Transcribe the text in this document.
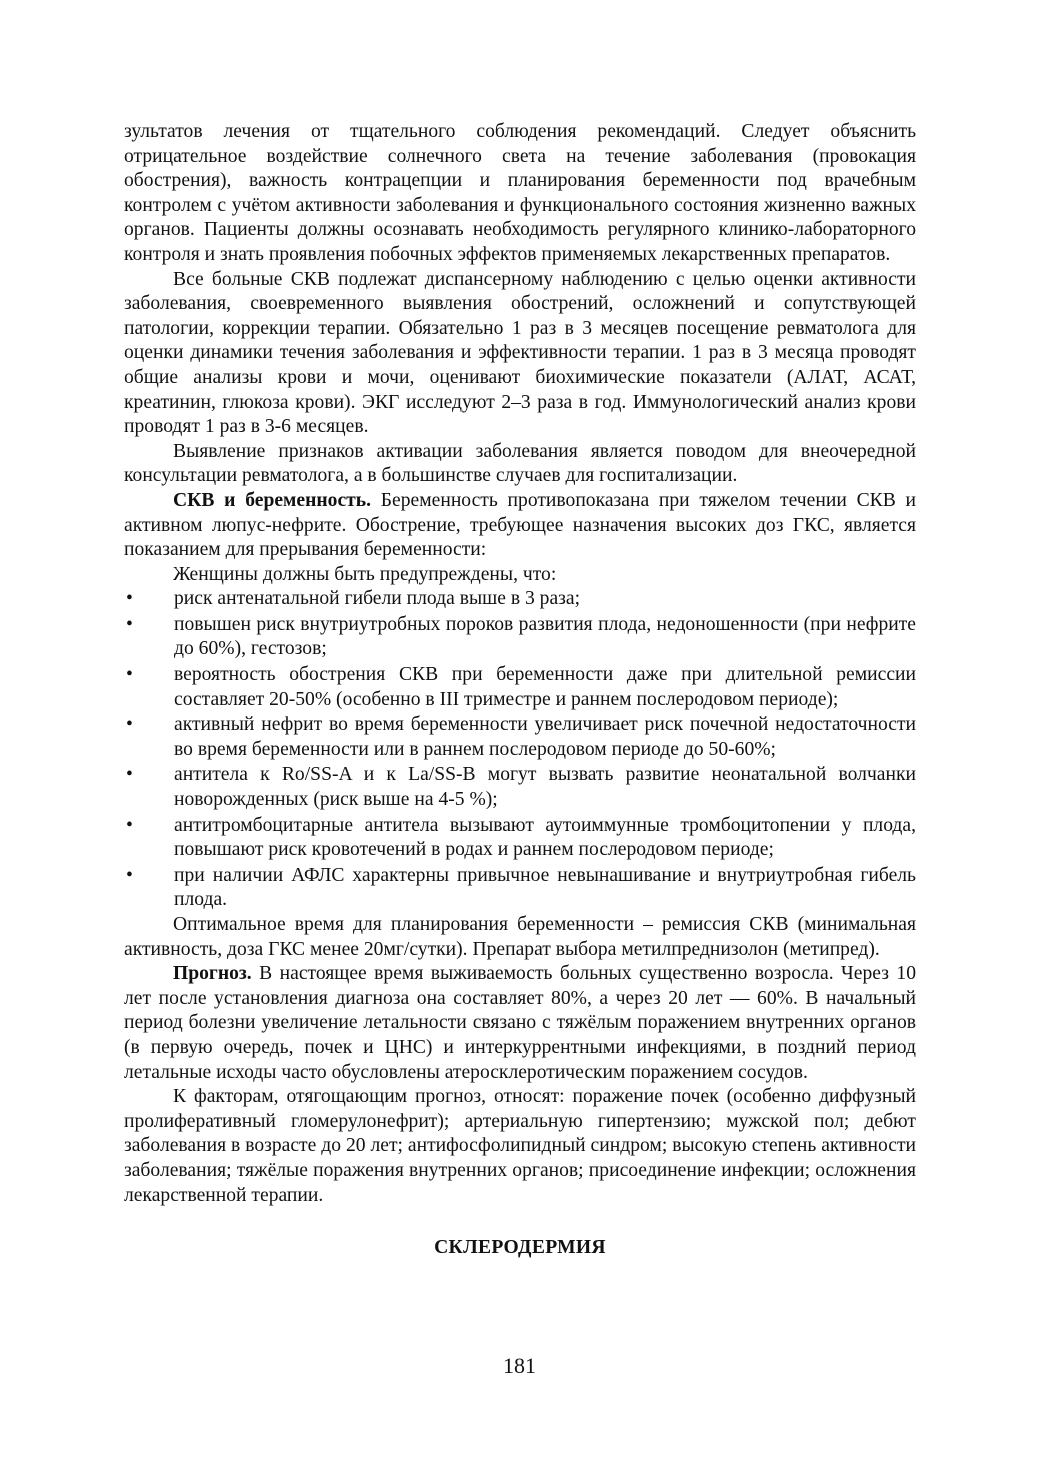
зультатов лечения от тщательного соблюдения рекомендаций. Следует объяснить отрицательное воздействие солнечного света на течение заболевания (провокация обострения), важность контрацепции и планирования беременности под врачебным контролем с учётом активности заболевания и функционального состояния жизненно важных органов. Пациенты должны осознавать необходимость регулярного клинико-лабораторного контроля и знать проявления побочных эффектов применяемых лекарственных препаратов.

Все больные СКВ подлежат диспансерному наблюдению с целью оценки активности заболевания, своевременного выявления обострений, осложнений и сопутствующей патологии, коррекции терапии. Обязательно 1 раз в 3 месяцев посещение ревматолога для оценки динамики течения заболевания и эффективности терапии. 1 раз в 3 месяца проводят общие анализы крови и мочи, оценивают биохимические показатели (АЛАТ, АСАТ, креатинин, глюкоза крови). ЭКГ исследуют 2–3 раза в год. Иммунологический анализ крови проводят 1 раз в 3-6 месяцев.

Выявление признаков активации заболевания является поводом для внеочередной консультации ревматолога, а в большинстве случаев для госпитализации.

СКВ и беременность. Беременность противопоказана при тяжелом течении СКВ и активном люпус-нефрите. Обострение, требующее назначения высоких доз ГКС, является показанием для прерывания беременности:

Женщины должны быть предупреждены, что:

• риск антенатальной гибели плода выше в 3 раза;
• повышен риск внутриутробных пороков развития плода, недоношенности (при нефрите до 60%), гестозов;
• вероятность обострения СКВ при беременности даже при длительной ремиссии составляет 20-50% (особенно в III триместре и раннем послеродовом периоде);
• активный нефрит во время беременности увеличивает риск почечной недостаточности во время беременности или в раннем послеродовом периоде до 50-60%;
• антитела к Ro/SS-A и к La/SS-B могут вызвать развитие неонатальной волчанки новорожденных (риск выше на 4-5 %);
• антитромбоцитарные антитела вызывают аутоиммунные тромбоцитопении у плода, повышают риск кровотечений в родах и раннем послеродовом периоде;
• при наличии АФЛС характерны привычное невынашивание и внутриутробная гибель плода.

Оптимальное время для планирования беременности – ремиссия СКВ (минимальная активность, доза ГКС менее 20мг/сутки). Препарат выбора метилпреднизолон (метипред).

Прогноз. В настоящее время выживаемость больных существенно возросла. Через 10 лет после установления диагноза она составляет 80%, а через 20 лет — 60%. В начальный период болезни увеличение летальности связано с тяжёлым поражением внутренних органов (в первую очередь, почек и ЦНС) и интеркуррентными инфекциями, в поздний период летальные исходы часто обусловлены атеросклеротическим поражением сосудов.

К факторам, отягощающим прогноз, относят: поражение почек (особенно диффузный пролиферативный гломерулонефрит); артериальную гипертензию; мужской пол; дебют заболевания в возрасте до 20 лет; антифосфолипидный синдром; высокую степень активности заболевания; тяжёлые поражения внутренних органов; присоединение инфекции; осложнения лекарственной терапии.

СКЛЕРОДЕРМИЯ
181
